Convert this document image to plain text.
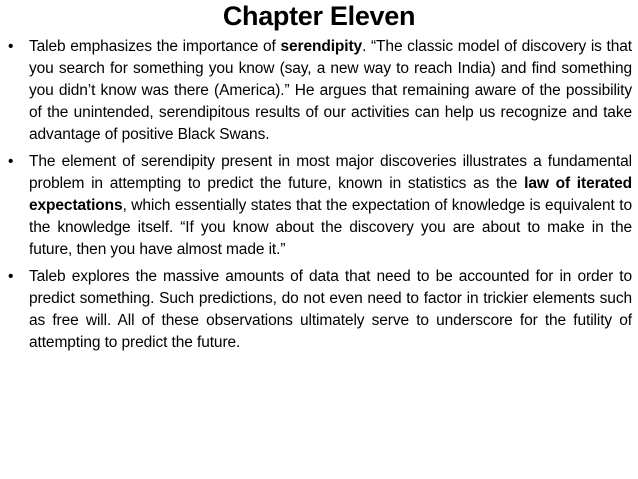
Chapter Eleven
• Taleb emphasizes the importance of serendipity. “The classic model of discovery is that you search for something you know (say, a new way to reach India) and find something you didn’t know was there (America).” He argues that remaining aware of the possibility of the unintended, serendipitous results of our activities can help us recognize and take advantage of positive Black Swans.
• The element of serendipity present in most major discoveries illustrates a fundamental problem in attempting to predict the future, known in statistics as the law of iterated expectations, which essentially states that the expectation of knowledge is equivalent to the knowledge itself. “If you know about the discovery you are about to make in the future, then you have almost made it.”
• Taleb explores the massive amounts of data that need to be accounted for in order to predict something. Such predictions, do not even need to factor in trickier elements such as free will. All of these observations ultimately serve to underscore for the futility of attempting to predict the future.
